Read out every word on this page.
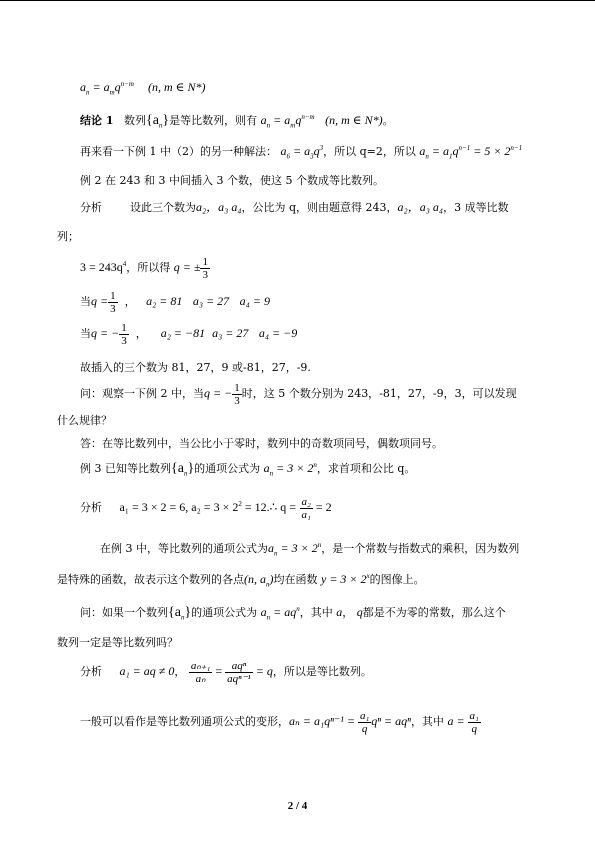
$a_n = a_mq^{n-m}$ (n, m ∈ N*)
结论 1 数列$\{a_n\}$是等比数列，则有 $a_n = a_mq^{n-m}$ (n, m ∈ N*)。
再来看一下例 1 中（2）的另一种解法： $a_6 = a_3q^3$，所以 q=2，所以 $a_n = a_1q^{n-1} = 5 \times 2^{n-1}$
例 2 在 243 和 3 中间插入 3 个数，使这 5 个数成等比数列。
分析	设此三个数为a₂，a₃ a₄，公比为 q，则由题意得 243，a₂，a₃ a₄，3 成等比数
列；
$3 = 243q^4$，所以得 q = ± $\frac{1}{3}$
当$q = \frac{1}{3}$ ， a₂ = 81 a₃ = 27 a₄ = 9
当q = − $\frac{1}{3}$ ， a₂ = −81 a₃ = 27 a₄ = −9
故插入的三个数为 81，27，9 或-81，27，-9.
问：观察一下例 2 中，当q = − $\frac{1}{3}$ 时，这 5 个数分别为 243，-81，27，-9，3，可以发现
什么规律？
答：在等比数列中，当公比小于零时，数列中的奇数项同号，偶数项同号。
例 3 已知等比数列$\{a_n\}$的通项公式为 $a_n = 3 \times 2^n$，求首项和公比 q。
分析 a₁ = 3 × 2 = 6, $a_2 = 3 \times 2^2$ = 12.∴ $q = \frac{\text{a₂}}{\text{a₁}} = 2$
在例 3 中，等比数列的通项公式为$a_n = 3 \times 2^n$，是一个常数与指数式的乘积，因为数列
是特殊的函数，故表示这个数列的各点(n, $a_n$)均在函数 $y = 3 \times 2^x$的图像上。
问：如果一个数列$\{a_n\}$的通项公式为 $a_n = aq^n$，其中 a， q都是不为零的常数，那么这个
数列一定是等比数列吗？
分析 a₁ = aq ≠ 0， $\frac{\text{aₙ₊₁}}{\text{aₙ}} = \frac{\text{aqⁿ}}{\text{aqⁿ⁻¹}} = q$，所以是等比数列。
一般可以看作是等比数列通项公式的变形，$a_n = a_1q^{n-1} = \frac{\text{a₁}}{q}$ qⁿ = aqⁿ，其中 $a = \frac{\text{a₁}}{q}$
2 / 4
